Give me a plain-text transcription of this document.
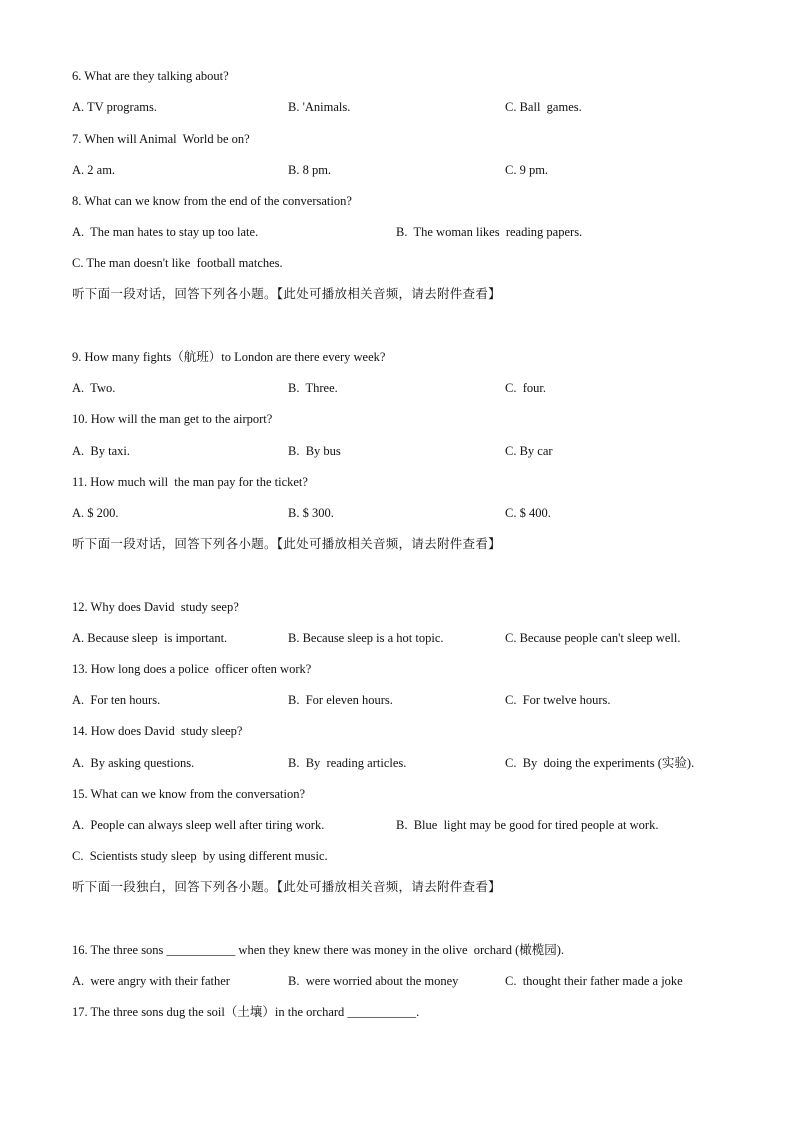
6. What are they talking about?
A. TV programs.	B. 'Animals.	C. Ball  games.
7. When will Animal  World be on?
A. 2 am.	B. 8 pm.	C. 9 pm.
8. What can we know from the end of the conversation?
A.  The man hates to stay up too late.	B.  The woman likes  reading papers.
C. The man doesn't like  football matches.
听下面一段对话，回答下列各小题。【此处可播放相关音频，请去附件查看】
9. How many fights（航班）to London are there every week?
A.  Two.	B.  Three.	C.  four.
10. How will the man get to the airport?
A.  By taxi.	B.  By bus	C. By car
11. How much will  the man pay for the ticket?
A. $ 200.	B. $ 300.	C. $ 400.
听下面一段对话，回答下列各小题。【此处可播放相关音频，请去附件查看】
12. Why does David  study seep?
A. Because sleep  is important.	B. Because sleep is a hot topic.	C. Because people can't sleep well.
13. How long does a police  officer often work?
A.  For ten hours.	B.  For eleven hours.	C.  For twelve hours.
14. How does David  study sleep?
A.  By asking questions.	B.  By  reading articles.	C.  By  doing the experiments (实验).
15. What can we know from the conversation?
A.  People can always sleep well after tiring work.	B.  Blue  light may be good for tired people at work.
C.  Scientists study sleep  by using different music.
听下面一段独白，回答下列各小题。【此处可播放相关音频，请去附件查看】
16. The three sons ___________ when they knew there was money in the olive  orchard (橄榄园).
A.  were angry with their father	B.  were worried about the money	C.  thought their father made a joke
17. The three sons dug the soil（土壤）in the orchard ___________.
